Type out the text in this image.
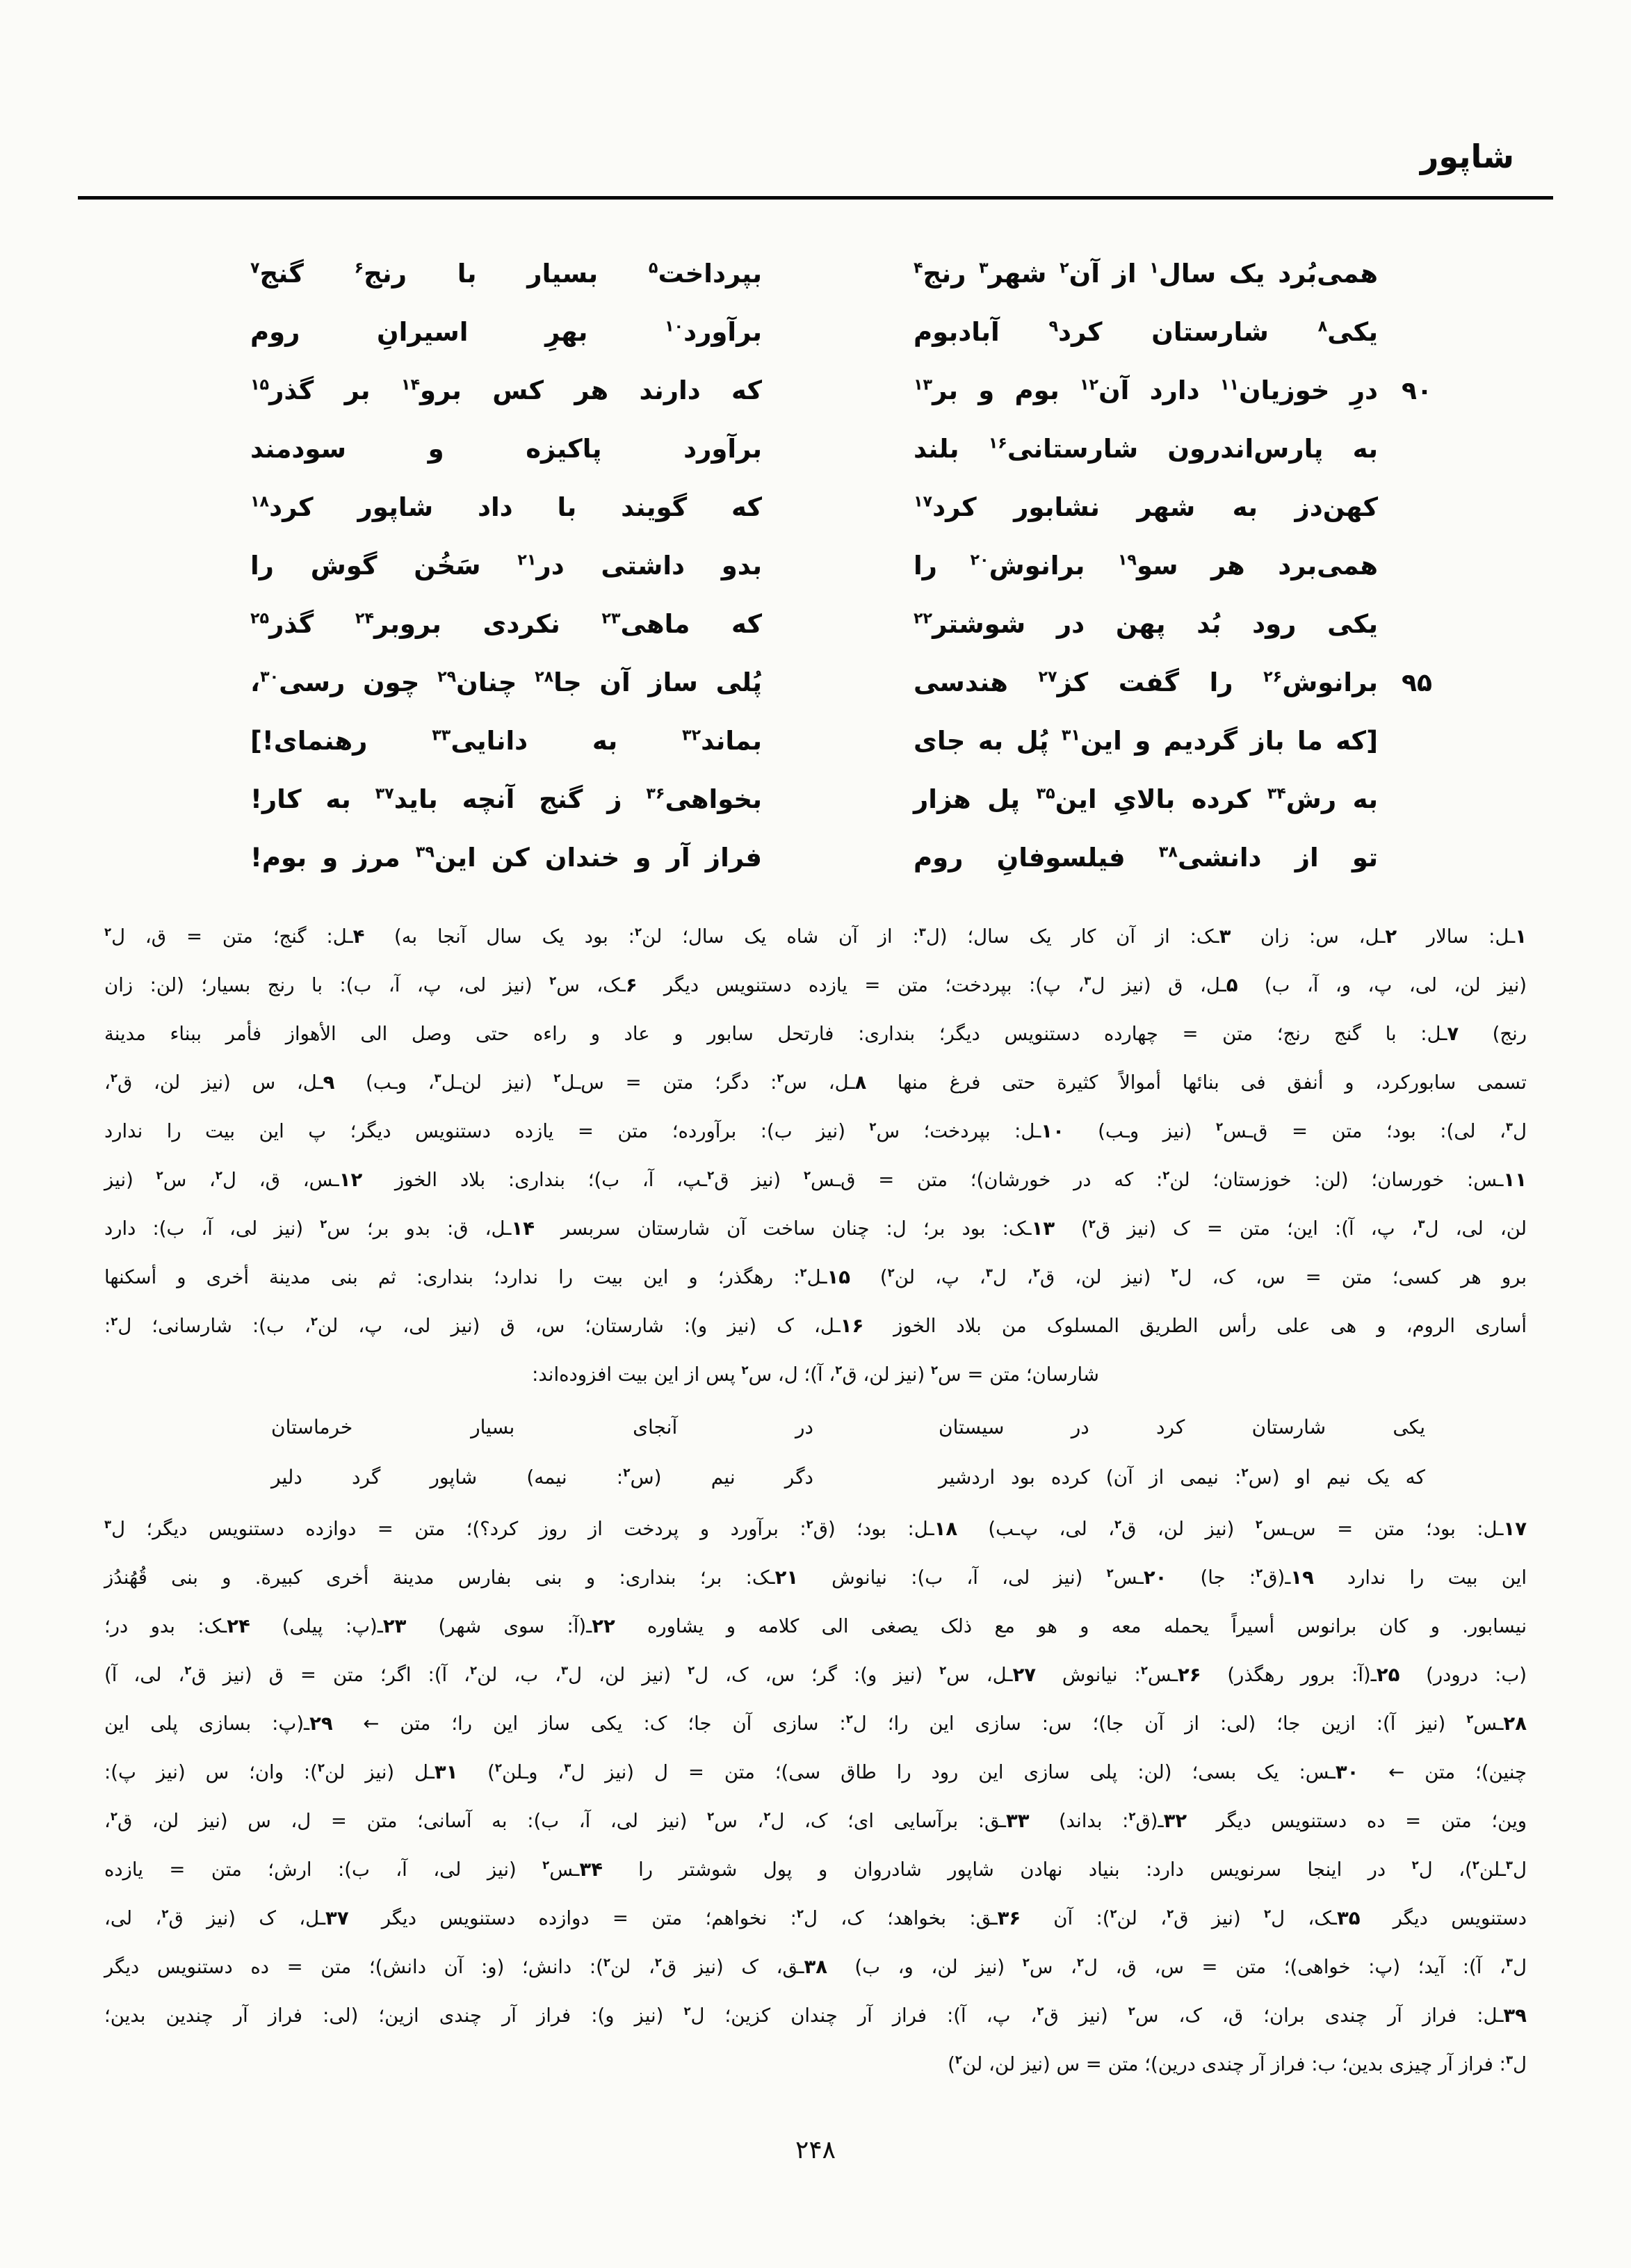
شاپور
همی‌بُرد یک سال$^۱$ از آن$^۲$ شهر$^۳$ رنج$^۴$
بپرداخت$^۵$ بسیار با رنج$^۶$ گنج$^۷$
یکی$^۸$ شارستان کرد$^۹$ آبادبوم
برآورد$^{۱۰}$ بهرِ اسیرانِ روم
۹۰
درِ خوزیان$^{۱۱}$ دارد آن$^{۱۲}$ بوم و بر$^{۱۳}$
که دارند هر کس برو$^{۱۴}$ بر گذر$^{۱۵}$
به پارس‌اندرون شارستانی$^{۱۶}$ بلند
برآورد پاکیزه و سودمند
کهن‌دز به شهر نشابور کرد$^{۱۷}$
که گویند با داد شاپور کرد$^{۱۸}$
همی‌برد هر سو$^{۱۹}$ برانوش$^{۲۰}$ را
بدو داشتی در$^{۲۱}$ سَخُن گوش را
یکی رود بُد پهن در شوشتر$^{۲۲}$
که ماهی$^{۲۳}$ نکردی بروبر$^{۲۴}$ گذر$^{۲۵}$
۹۵
برانوش$^{۲۶}$ را گفت کز$^{۲۷}$ هندسی
پُلی ساز آن جا$^{۲۸}$ چنان$^{۲۹}$ چون رسی$^{۳۰}$،
[که ما باز گردیم و این$^{۳۱}$ پُل به جای
بماند$^{۳۲}$ به دانایی$^{۳۳}$ رهنمای!]
به رش$^{۳۴}$ کرده بالایِ این$^{۳۵}$ پل هزار
بخواهی$^{۳۶}$ ز گنج آنچه باید$^{۳۷}$ به کار!
تو از دانشی$^{۳۸}$ فیلسوفانِ روم
فراز آر و خندان کن این$^{۳۹}$ مرز و بوم!
۱ـل: سالار  ۲ـل، س: زان  ۳ـک: از آن کار یک سال؛ (ل$^۳$: از آن شاه یک سال؛ لن$^۲$: بود یک سال آنجا به)  ۴ـل: گنج؛ متن = ق، ل$^۲$
(نیز لن، لی، پ، و، آ، ب)  ۵ـل، ق (نیز ل$^۳$، پ): بپردخت؛ متن = یازده دستنویس دیگر  ۶ـک، س$^۲$ (نیز لی، پ، آ، ب): با رنج بسیار؛ (لن: زان
رنج)  ۷ـل: با گنج رنج؛ متن = چهارده دستنویس دیگر؛ بنداری: فارتحل سابور و عاد و راءه حتی وصل الی الأهواز فأمر ببناء مدینة
تسمی سابورکرد، و أنفق فی بنائها أموالاً کثیرة حتی فرغ منها  ۸ـل، س$^۲$: دگر؛ متن = س‌ـل$^۲$ (نیز لن‌ـل$^۳$، وـب)  ۹ـل، س (نیز لن، ق$^۲$،
ل$^۳$، لی): بود؛ متن = ق‌ـس$^۲$ (نیز وـب)  ۱۰ـل: بپردخت؛ س$^۲$ (نیز ب): برآورده؛ متن = یازده دستنویس دیگر؛ پ این بیت را ندارد
۱۱ـس: خورسان؛ (لن: خوزستان؛ لن$^۲$: که در خورشان)؛ متن = ق‌ـس$^۲$ (نیز ق$^۲$ـپ، آ، ب)؛ بنداری: بلاد الخوز  ۱۲ـس، ق، ل$^۲$، س$^۲$ (نیز
لن، لی، ل$^۳$، پ، آ): این؛ متن = ک (نیز ق$^۲$)  ۱۳ـک: بود بر؛ ل: چنان ساخت آن شارستان سربسر  ۱۴ـل، ق: بدو بر؛ س$^۲$ (نیز لی، آ، ب): دارد
برو هر کسی؛ متن = س، ک، ل$^۲$ (نیز لن، ق$^۲$، ل$^۳$، پ، لن$^۲$)  ۱۵ـل$^۲$: رهگذر؛ و این بیت را ندارد؛ بنداری: ثم بنی مدینة أخری و أسکنها
أساری الروم، و هی علی رأس الطریق المسلوک من بلاد الخوز  ۱۶ـل، ک (نیز و): شارستان؛ س، ق (نیز لی، پ، لن$^۲$، ب): شارسانی؛ ل$^۲$:
شارسان؛ متن = س$^۲$ (نیز لن، ق$^۲$، آ)؛ ل، س$^۲$ پس از این بیت افزوده‌اند:
یکی شارستان کرد در سیستان
در آنجای بسیار خرماستان
که یک نیم او (س$^۲$: نیمی از آن) کرده بود اردشیر
دگر نیم (س$^۲$: نیمه) شاپور گرد دلیر
۱۷ـل: بود؛ متن = س‌ـس$^۲$ (نیز لن، ق$^۲$، لی، پ‌ـب)  ۱۸ـل: بود؛ (ق$^۲$: برآورد و پردخت از روز کرد؟)؛ متن = دوازده دستنویس دیگر؛ ل$^۳$
این بیت را ندارد  ۱۹ـ(ق$^۲$: جا)  ۲۰ـس$^۲$ (نیز لی، آ، ب): نیانوش  ۲۱ـک: بر؛ بنداری: و بنی بفارس مدینة أخری کبیرة. و بنی قُهُندُز
نیسابور. و کان برانوس أسیراً یحمله معه و هو مع ذلک یصغی الی کلامه و یشاوره  ۲۲ـ(آ: سوی شهر)  ۲۳ـ(پ: پیلی)  ۲۴ـک: بدو در؛
(ب: درودر)  ۲۵ـ(آ: برور رهگذر)  ۲۶ـس$^۲$: نیانوش  ۲۷ـل، س$^۲$ (نیز و): گر؛ س، ک، ل$^۲$ (نیز لن، ل$^۳$، ب، لن$^۲$، آ): اگر؛ متن = ق (نیز ق$^۲$، لی، آ)
۲۸ـس$^۲$ (نیز آ): ازین جا؛ (لی: از آن جا)؛ س: سازی این را؛ ل$^۲$: سازی آن جا؛ ک: یکی ساز این را؛ متن ←  ۲۹ـ(پ: بسازی پلی این
چنین)؛ متن ←  ۳۰ـس: یک بسی؛ (لن: پلی سازی این رود را طاق سی)؛ متن = ل (نیز ل$^۳$، وـلن$^۲$)  ۳۱ـل (نیز لن$^۲$): وان؛ س (نیز پ):
وین؛ متن = ده دستنویس دیگر  ۳۲ـ(ق$^۲$: بداند)  ۳۳ـق: برآسایی ای؛ ک، ل$^۲$، س$^۲$ (نیز لی، آ، ب): به آسانی؛ متن = ل، س (نیز لن، ق$^۲$،
ل$^۳$ـلن$^۲$)، ل$^۲$ در اینجا سرنویس دارد: بنیاد نهادن شاپور شادروان و پول شوشتر را  ۳۴ـس$^۲$ (نیز لی، آ، ب): ارش؛ متن = یازده
دستنویس دیگر  ۳۵ـک، ل$^۲$ (نیز ق$^۲$، لن$^۲$): آن  ۳۶ـق: بخواهد؛ ک، ل$^۲$: نخواهم؛ متن = دوازده دستنویس دیگر  ۳۷ـل، ک (نیز ق$^۲$، لی،
ل$^۳$، آ): آید؛ (پ: خواهی)؛ متن = س، ق، ل$^۲$، س$^۲$ (نیز لن، و، ب)  ۳۸ـق، ک (نیز ق$^۲$، لن$^۲$): دانش؛ (و: آن دانش)؛ متن = ده دستنویس دیگر
۳۹ـل: فراز آر چندی بران؛ ق، ک، س$^۲$ (نیز ق$^۲$، پ، آ): فراز آر چندان کزین؛ ل$^۲$ (نیز و): فراز آر چندی ازین؛ (لی: فراز آر چندین بدین؛
ل$^۳$: فراز آر چیزی بدین؛ ب: فراز آر چندی درین)؛ متن = س (نیز لن، لن$^۲$)
۲۴۸
